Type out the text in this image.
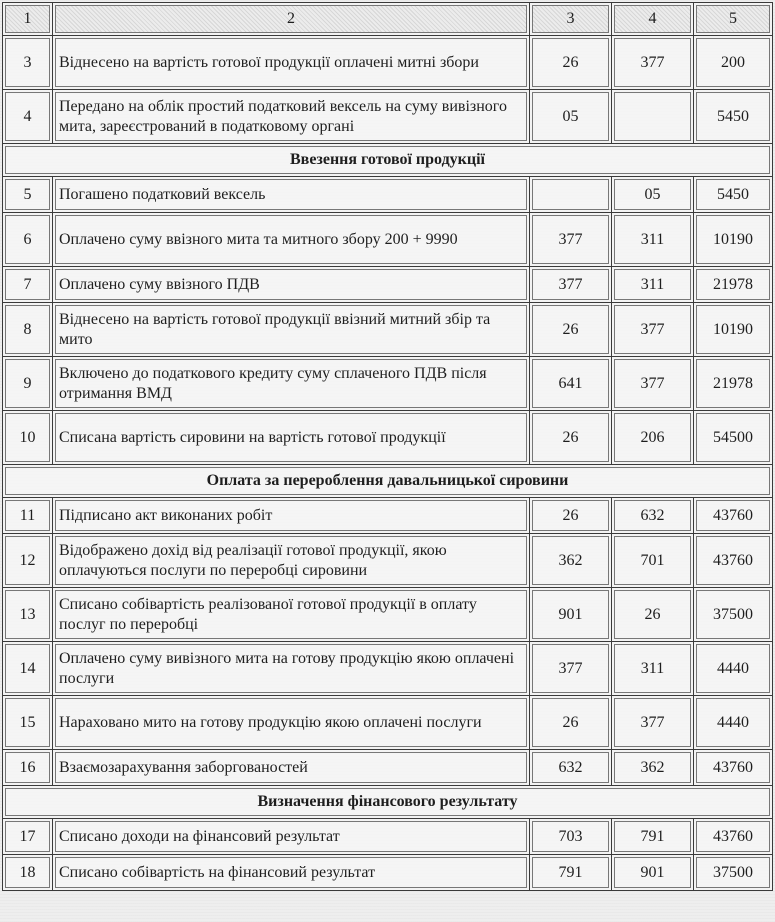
1	2	3	4	5
3	Віднесено на вартість готової продукції оплачені митні збори	26	377	200
4	Передано на облік простий податковий вексель на суму вивізного мита, зареєстрований в податковому органі	05		5450
Ввезення готової продукції				
5	Погашено податковий вексель		05	5450
6	Оплачено суму ввізного мита та митного збору 200 + 9990	377	311	10190
7	Оплачено суму ввізного ПДВ	377	311	21978
8	Віднесено на вартість готової продукції ввізний митний збір та мито	26	377	10190
9	Включено до податкового кредиту суму сплаченого ПДВ після отримання ВМД	641	377	21978
10	Списана вартість сировини на вартість готової продукції	26	206	54500
Оплата за перероблення давальницької сировини				
11	Підписано акт виконаних робіт	26	632	43760
12	Відображено дохід від реалізації готової продукції, якою оплачуються послуги по переробці сировини	362	701	43760
13	Списано собівартість реалізованої готової продукції в оплату послуг по переробці	901	26	37500
14	Оплачено суму вивізного мита на готову продукцію якою оплачені послуги	377	311	4440
15	Нараховано мито на готову продукцію якою оплачені послуги	26	377	4440
16	Взаємозарахування заборгованостей	632	362	43760
Визначення фінансового результату				
17	Списано доходи на фінансовий результат	703	791	43760
18	Списано собівартість на фінансовий результат	791	901	37500
